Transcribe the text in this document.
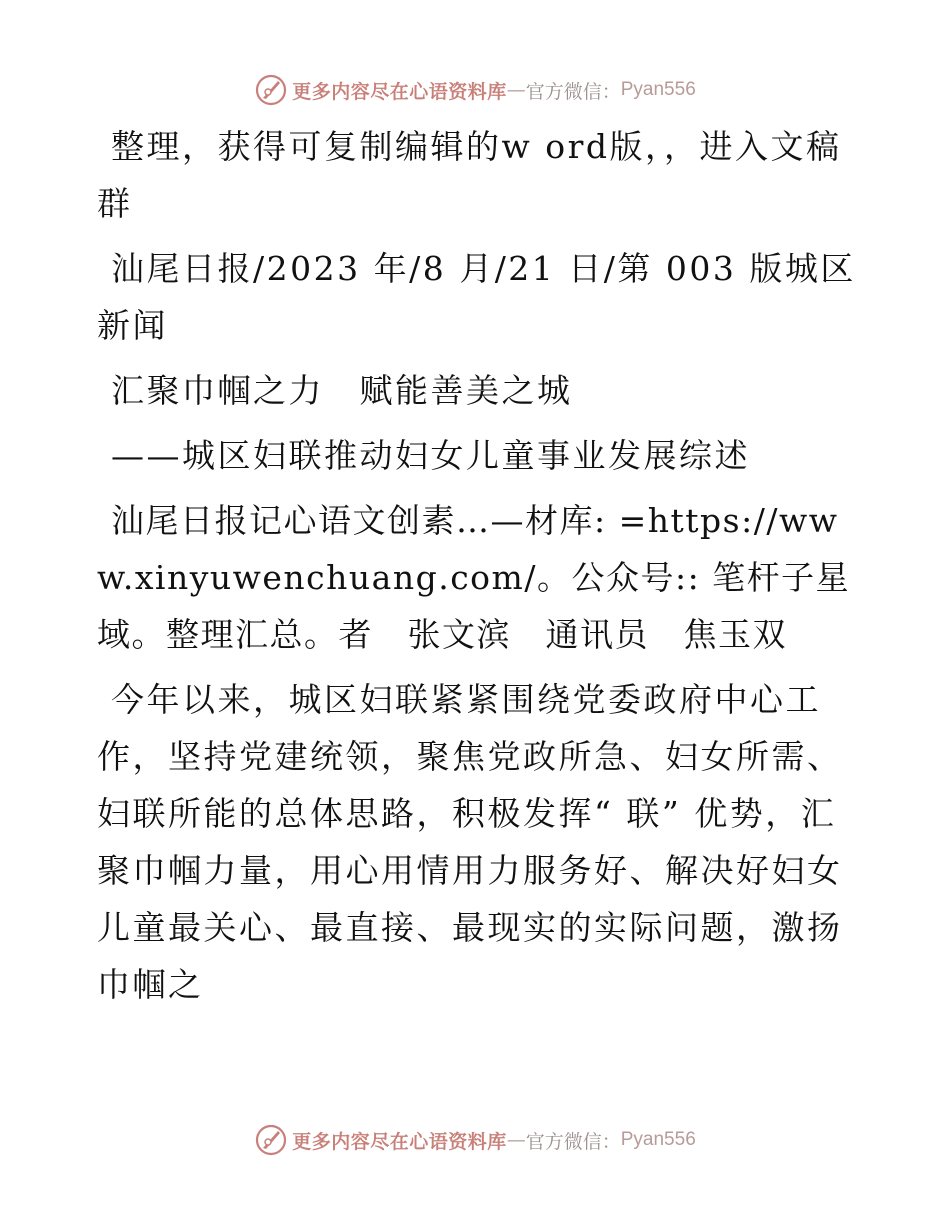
更多内容尽在心语资料库 — 官方微信： Pyan556

整理，获得可复制编辑的w ord版，，进入文稿群

汕尾日报/2023 年/8 月/21 日/第 003 版城区新闻

汇聚巾帼之力　赋能善美之城

——城区妇联推动妇女儿童事业发展综述

汕尾日报记心语文创素…—材库: =https://www.xinyuwenchuang.com/。公众号:: 笔杆子星域。整理汇总。者　张文滨　通讯员　焦玉双

今年以来，城区妇联紧紧围绕党委政府中心工作，坚持党建统领，聚焦党政所急、妇女所需、妇联所能的总体思路，积极发挥“ 联” 优势，汇聚巾帼力量，用心用情用力服务好、解决好妇女儿童最关心、最直接、最现实的实际问题，激扬巾帼之

更多内容尽在心语资料库 — 官方微信： Pyan556
